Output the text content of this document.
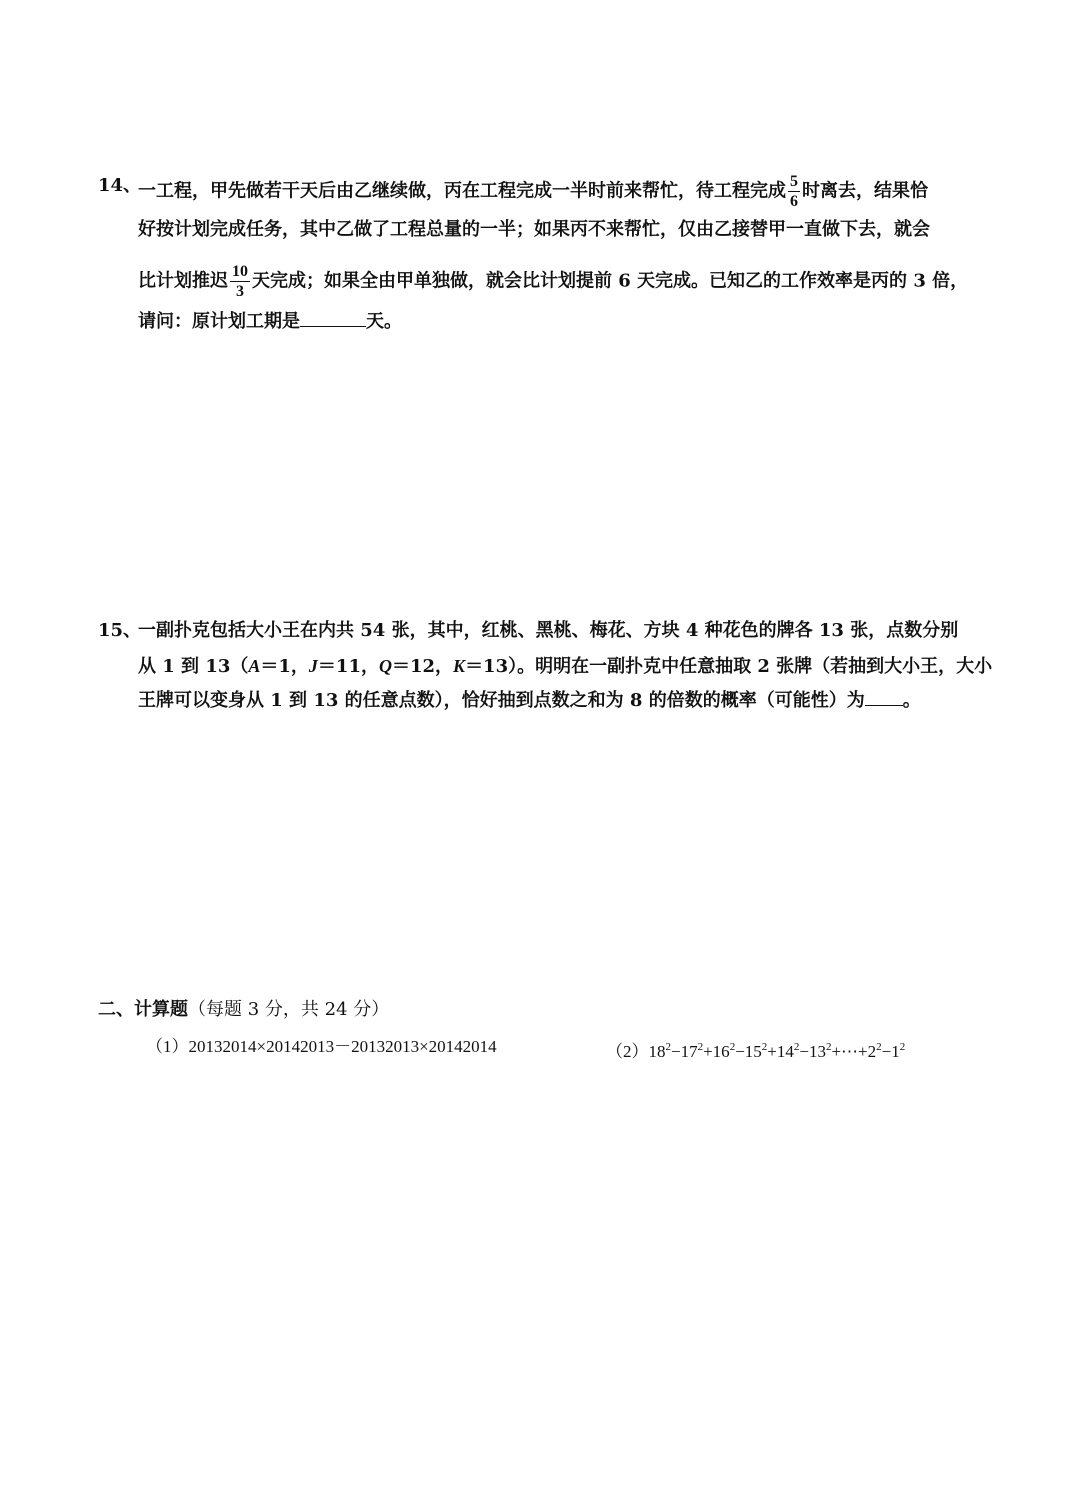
14、
一工程，甲先做若干天后由乙继续做，丙在工程完成一半时前来帮忙，待工程完成 $\frac{5}{6}$ 时离去，结果恰
好按计划完成任务，其中乙做了工程总量的一半；如果丙不来帮忙，仅由乙接替甲一直做下去，就会
比计划推迟 $\frac{10}{3}$ 天完成；如果全由甲单独做，就会比计划提前 6 天完成。已知乙的工作效率是丙的 3 倍，
请问：原计划工期是	天。
15、
一副扑克包括大小王在内共 54 张，其中，红桃、黑桃、梅花、方块 4 种花色的牌各 13 张，点数分别
从 1 到 13（A＝1，J＝11，Q＝12，K＝13）。明明在一副扑克中任意抽取 2 张牌（若抽到大小王，大小
王牌可以变身从 1 到 13 的任意点数），恰好抽到点数之和为 8 的倍数的概率（可能性）为 。
二、计算题（每题 3 分，共 24 分）
（1）20132014×20142013－20132013×20142014	$(2)18^2-17^2+16^2-15^2+14^2-13^2+\cdots+2^2-1^2$
